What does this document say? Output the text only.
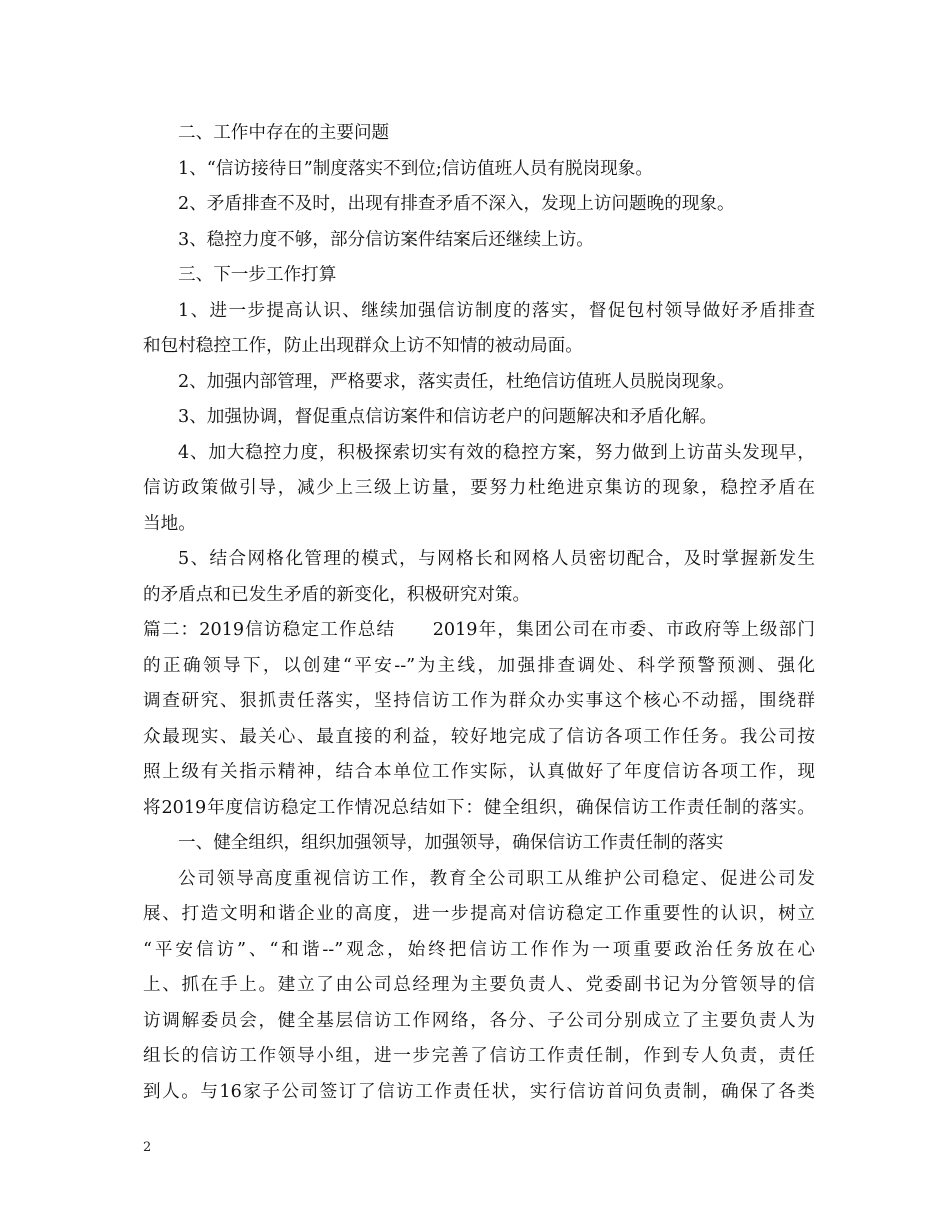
二、工作中存在的主要问题
1、“信访接待日”制度落实不到位;信访值班人员有脱岗现象。
2、矛盾排查不及时，出现有排查矛盾不深入，发现上访问题晚的现象。
3、稳控力度不够，部分信访案件结案后还继续上访。
三、下一步工作打算
1、进一步提高认识、继续加强信访制度的落实，督促包村领导做好矛盾排查
和包村稳控工作，防止出现群众上访不知情的被动局面。
2、加强内部管理，严格要求，落实责任，杜绝信访值班人员脱岗现象。
3、加强协调，督促重点信访案件和信访老户的问题解决和矛盾化解。
4、加大稳控力度，积极探索切实有效的稳控方案，努力做到上访苗头发现早，
信访政策做引导，减少上三级上访量，要努力杜绝进京集访的现象，稳控矛盾在
当地。
5、结合网格化管理的模式，与网格长和网格人员密切配合，及时掌握新发生
的矛盾点和已发生矛盾的新变化，积极研究对策。
篇二：2019信访稳定工作总结　　2019年，集团公司在市委、市政府等上级部门
的正确领导下，以创建“平安--”为主线，加强排查调处、科学预警预测、强化
调查研究、狠抓责任落实，坚持信访工作为群众办实事这个核心不动摇，围绕群
众最现实、最关心、最直接的利益，较好地完成了信访各项工作任务。我公司按
照上级有关指示精神，结合本单位工作实际，认真做好了年度信访各项工作，现
将2019年度信访稳定工作情况总结如下：健全组织，确保信访工作责任制的落实。
一、健全组织，组织加强领导，加强领导，确保信访工作责任制的落实
公司领导高度重视信访工作，教育全公司职工从维护公司稳定、促进公司发
展、打造文明和谐企业的高度，进一步提高对信访稳定工作重要性的认识，树立
“平安信访”、“和谐--”观念，始终把信访工作作为一项重要政治任务放在心
上、抓在手上。建立了由公司总经理为主要负责人、党委副书记为分管领导的信
访调解委员会，健全基层信访工作网络，各分、子公司分别成立了主要负责人为
组长的信访工作领导小组，进一步完善了信访工作责任制，作到专人负责，责任
到人。与16家子公司签订了信访工作责任状，实行信访首问负责制，确保了各类
2
